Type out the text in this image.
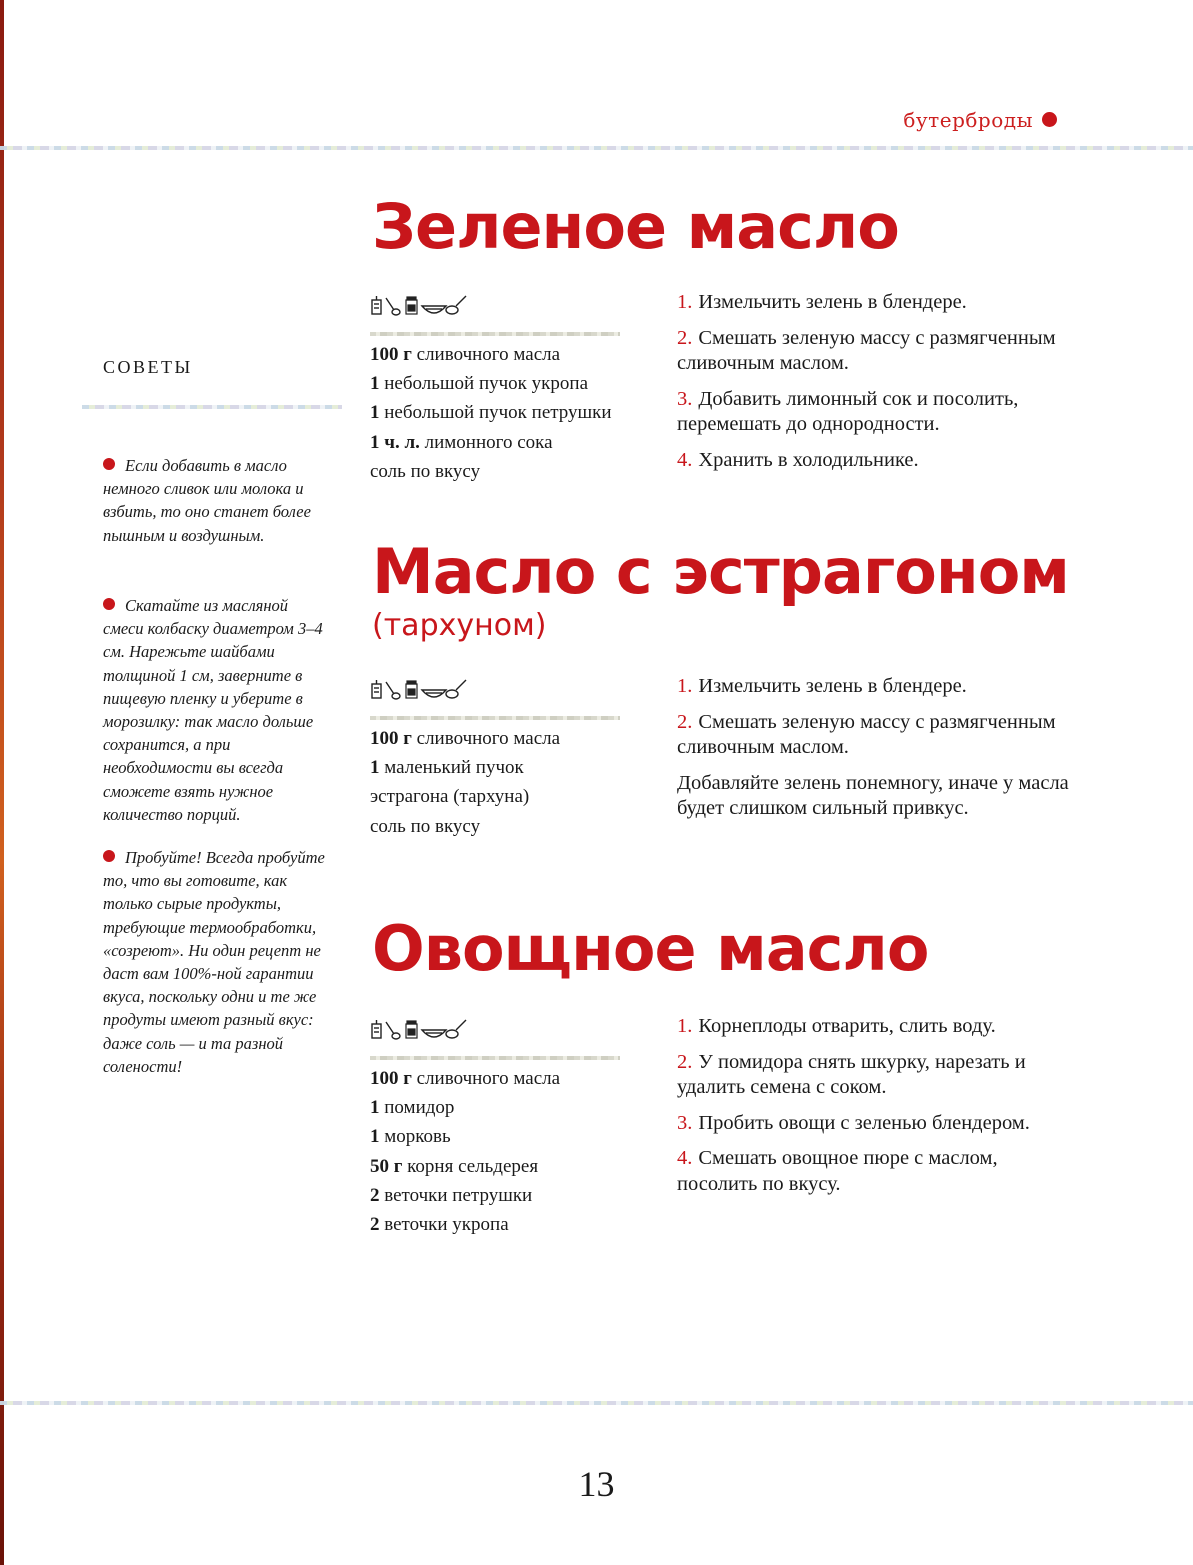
бутерброды
СОВЕТЫ
Если добавить в масло немного сливок или молока и взбить, то оно станет более пышным и воздушным.
Скатайте из масляной смеси колбаску диаметром 3–4 см. Нарежьте шайбами толщиной 1 см, заверните в пищевую пленку и уберите в морозилку: так масло дольше сохранится, а при необходимости вы всегда сможете взять нужное количество порций.
Пробуйте! Всегда пробуйте то, что вы готовите, как только сырые продукты, требующие термообработки, «созреют». Ни один рецепт не даст вам 100%-ной гарантии вкуса, поскольку одни и те же продуты имеют разный вкус: даже соль — и та разной солености!
Зеленое масло
100 г сливочного масла
1 небольшой пучок укропа
1 небольшой пучок петрушки
1 ч. л. лимонного сока
соль по вкусу

1. Измельчить зелень в блендере.

2. Смешать зеленую массу с размягченным сливочным маслом.

3. Добавить лимонный сок и посолить, перемешать до однородности.

4. Хранить в холодильнике.

Масло с эстрагоном
(тархуном)
100 г сливочного масла
1 маленький пучок
эстрагона (тархуна)
соль по вкусу

1. Измельчить зелень в блендере.

2. Смешать зеленую массу с размягченным сливочным маслом.

Добавляйте зелень понемногу, иначе у масла будет слишком сильный привкус.

Овощное масло
100 г сливочного масла
1 помидор
1 морковь
50 г корня сельдерея
2 веточки петрушки
2 веточки укропа

1. Корнеплоды отварить, слить воду.

2. У помидора снять шкурку, нарезать и удалить семена с соком.

3. Пробить овощи с зеленью блендером.

4. Смешать овощное пюре с маслом, посолить по вкусу.

13
